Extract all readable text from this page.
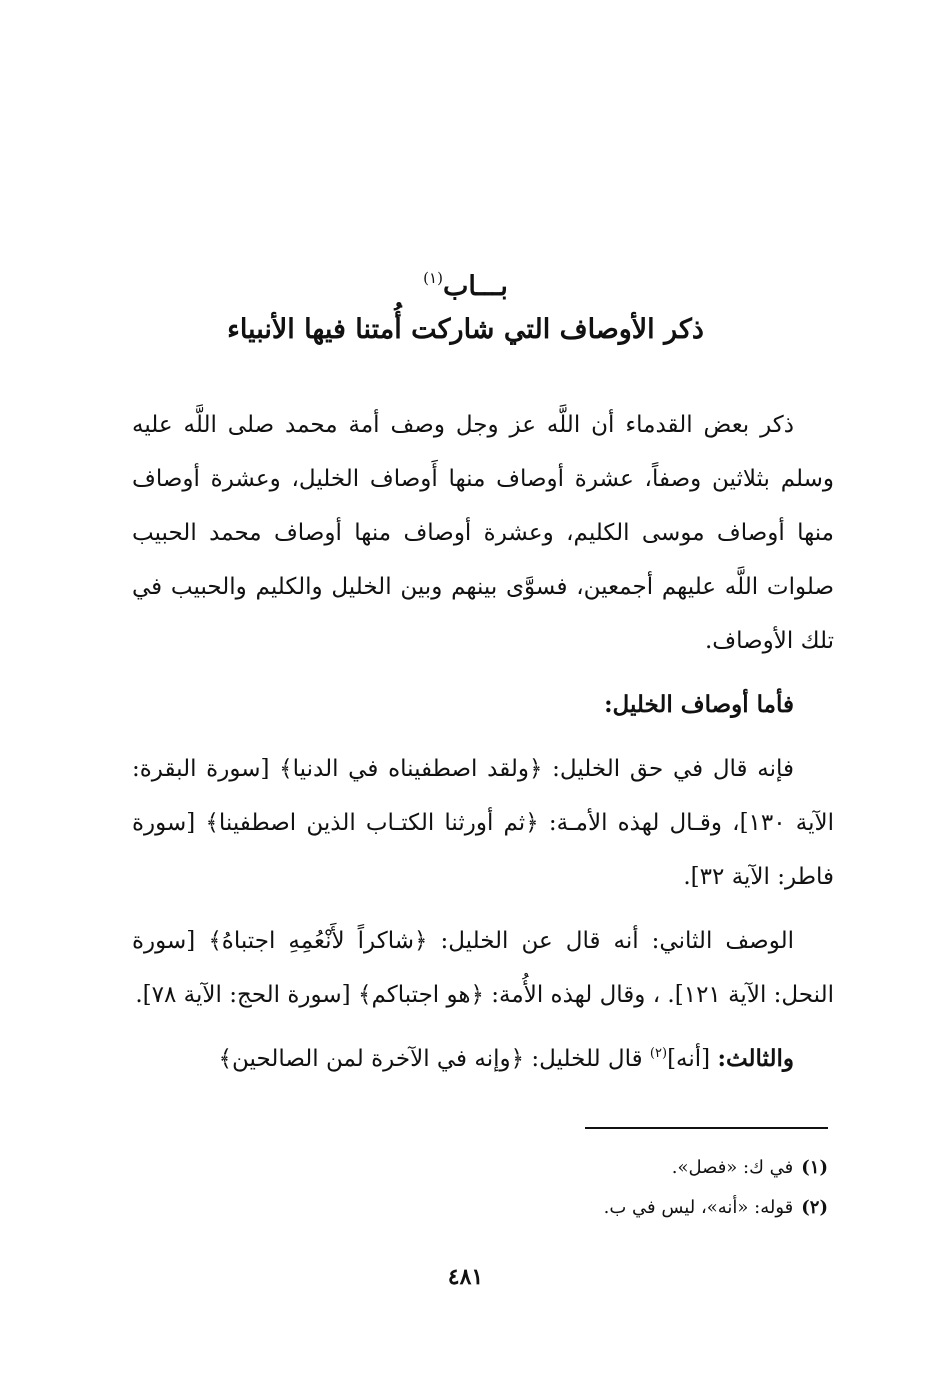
بـــاب$^{(١)}$
ذكر الأوصاف التي شاركت أُمتنا فيها الأنبياء

ذكر بعض القدماء أن اللَّه عز وجل وصف أمة محمد صلى اللَّه عليه وسلم بثلاثين وصفاً، عشرة أوصاف منها أَوصاف الخليل، وعشرة أوصاف منها أوصاف موسى الكليم، وعشرة أوصاف منها أوصاف محمد الحبيب صلوات اللَّه عليهم أجمعين، فسوَّى بينهم وبين الخليل والكليم والحبيب في تلك الأوصاف.

فأما أوصاف الخليل:

فإنه قال في حق الخليل: ﴿ولقد اصطفيناه في الدنيا﴾ [سورة البقرة: الآية ١٣٠]، وقـال لهذه الأمـة: ﴿ثم أورثنا الكتـاب الذين اصطفينا﴾ [سورة فاطر: الآية ٣٢].

الوصف الثاني: أنه قال عن الخليل: ﴿شاكراً لأَنْعُمِهِ اجتباهُ﴾ [سورة النحل: الآية ١٢١]. ، وقال لهذه الأُمة: ﴿هو اجتباكم﴾ [سورة الحج: الآية ٧٨].

والثالث: [أنه]$^{(٢)}$ قال للخليل: ﴿وإنه في الآخرة لمن الصالحين﴾

(١)في ك: «فصل».

(٢)قوله: «أنه»، ليس في ب.

٤٨١
